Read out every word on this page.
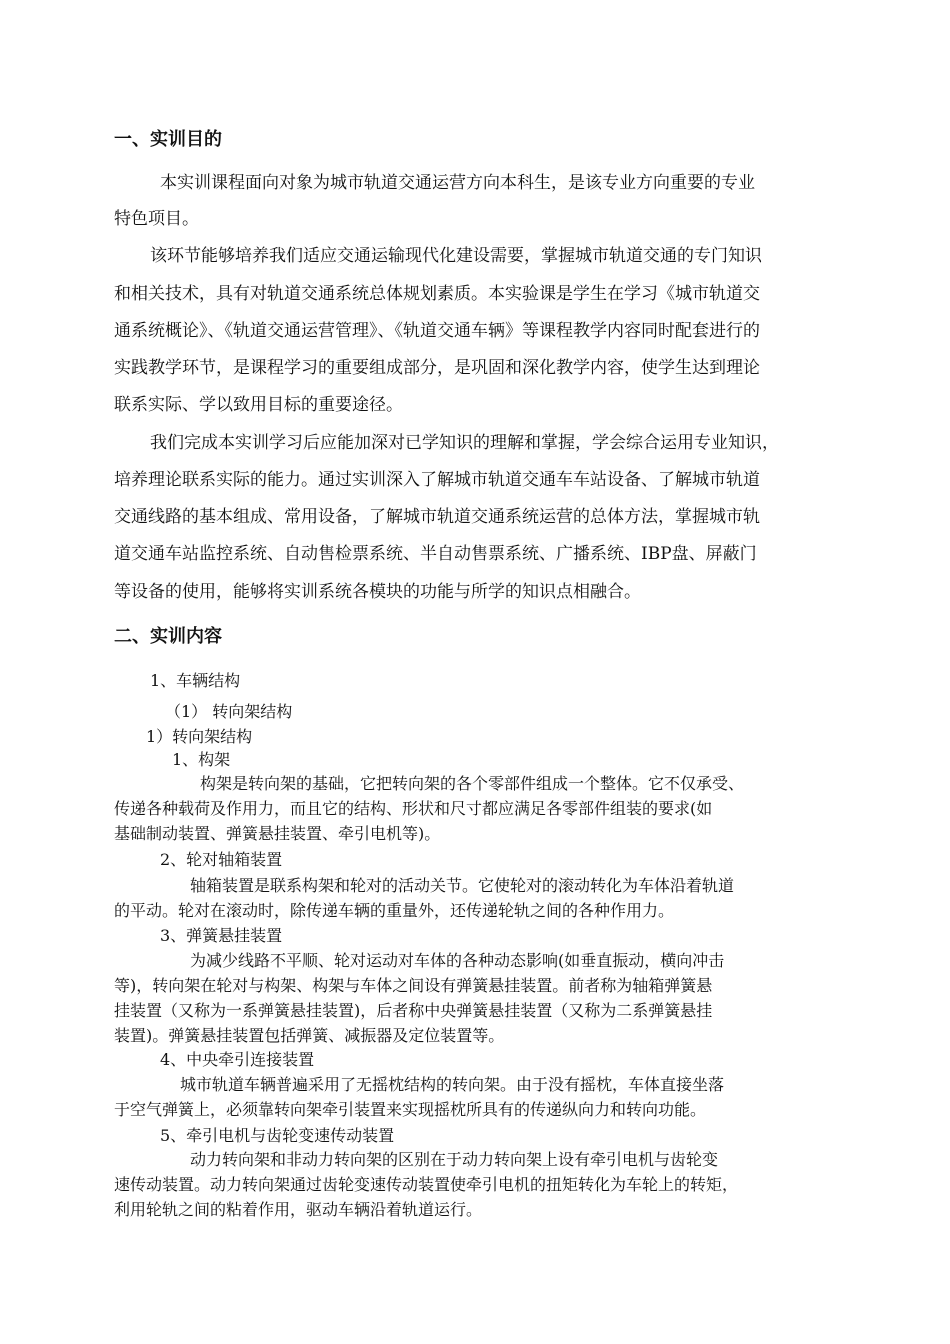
一、实训目的
本实训课程面向对象为城市轨道交通运营方向本科生，是该专业方向重要的专业
特色项目。
该环节能够培养我们适应交通运输现代化建设需要，掌握城市轨道交通的专门知识
和相关技术，具有对轨道交通系统总体规划素质。本实验课是学生在学习《城市轨道交
通系统概论》、《轨道交通运营管理》、《轨道交通车辆》等课程教学内容同时配套进行的
实践教学环节，是课程学习的重要组成部分，是巩固和深化教学内容，使学生达到理论
联系实际、学以致用目标的重要途径。
我们完成本实训学习后应能加深对已学知识的理解和掌握，学会综合运用专业知识，
培养理论联系实际的能力。通过实训深入了解城市轨道交通车车站设备、了解城市轨道
交通线路的基本组成、常用设备，了解城市轨道交通系统运营的总体方法，掌握城市轨
道交通车站监控系统、自动售检票系统、半自动售票系统、广播系统、IBP盘、屏蔽门
等设备的使用，能够将实训系统各模块的功能与所学的知识点相融合。
二、实训内容
1、车辆结构
（1） 转向架结构
1）转向架结构
1、构架
构架是转向架的基础，它把转向架的各个零部件组成一个整体。它不仅承受、
传递各种载荷及作用力，而且它的结构、形状和尺寸都应满足各零部件组装的要求(如
基础制动装置、弹簧悬挂装置、牵引电机等)。
2、轮对轴箱装置
轴箱装置是联系构架和轮对的活动关节。它使轮对的滚动转化为车体沿着轨道
的平动。轮对在滚动时，除传递车辆的重量外，还传递轮轨之间的各种作用力。
3、弹簧悬挂装置
为减少线路不平顺、轮对运动对车体的各种动态影响(如垂直振动，横向冲击
等)，转向架在轮对与构架、构架与车体之间设有弹簧悬挂装置。前者称为轴箱弹簧悬
挂装置（又称为一系弹簧悬挂装置)，后者称中央弹簧悬挂装置（又称为二系弹簧悬挂
装置)。弹簧悬挂装置包括弹簧、减振器及定位装置等。
4、中央牵引连接装置
城市轨道车辆普遍采用了无摇枕结构的转向架。由于没有摇枕，车体直接坐落
于空气弹簧上，必须靠转向架牵引装置来实现摇枕所具有的传递纵向力和转向功能。
5、牵引电机与齿轮变速传动装置
动力转向架和非动力转向架的区别在于动力转向架上设有牵引电机与齿轮变
速传动装置。动力转向架通过齿轮变速传动装置使牵引电机的扭矩转化为车轮上的转矩，
利用轮轨之间的粘着作用，驱动车辆沿着轨道运行。
